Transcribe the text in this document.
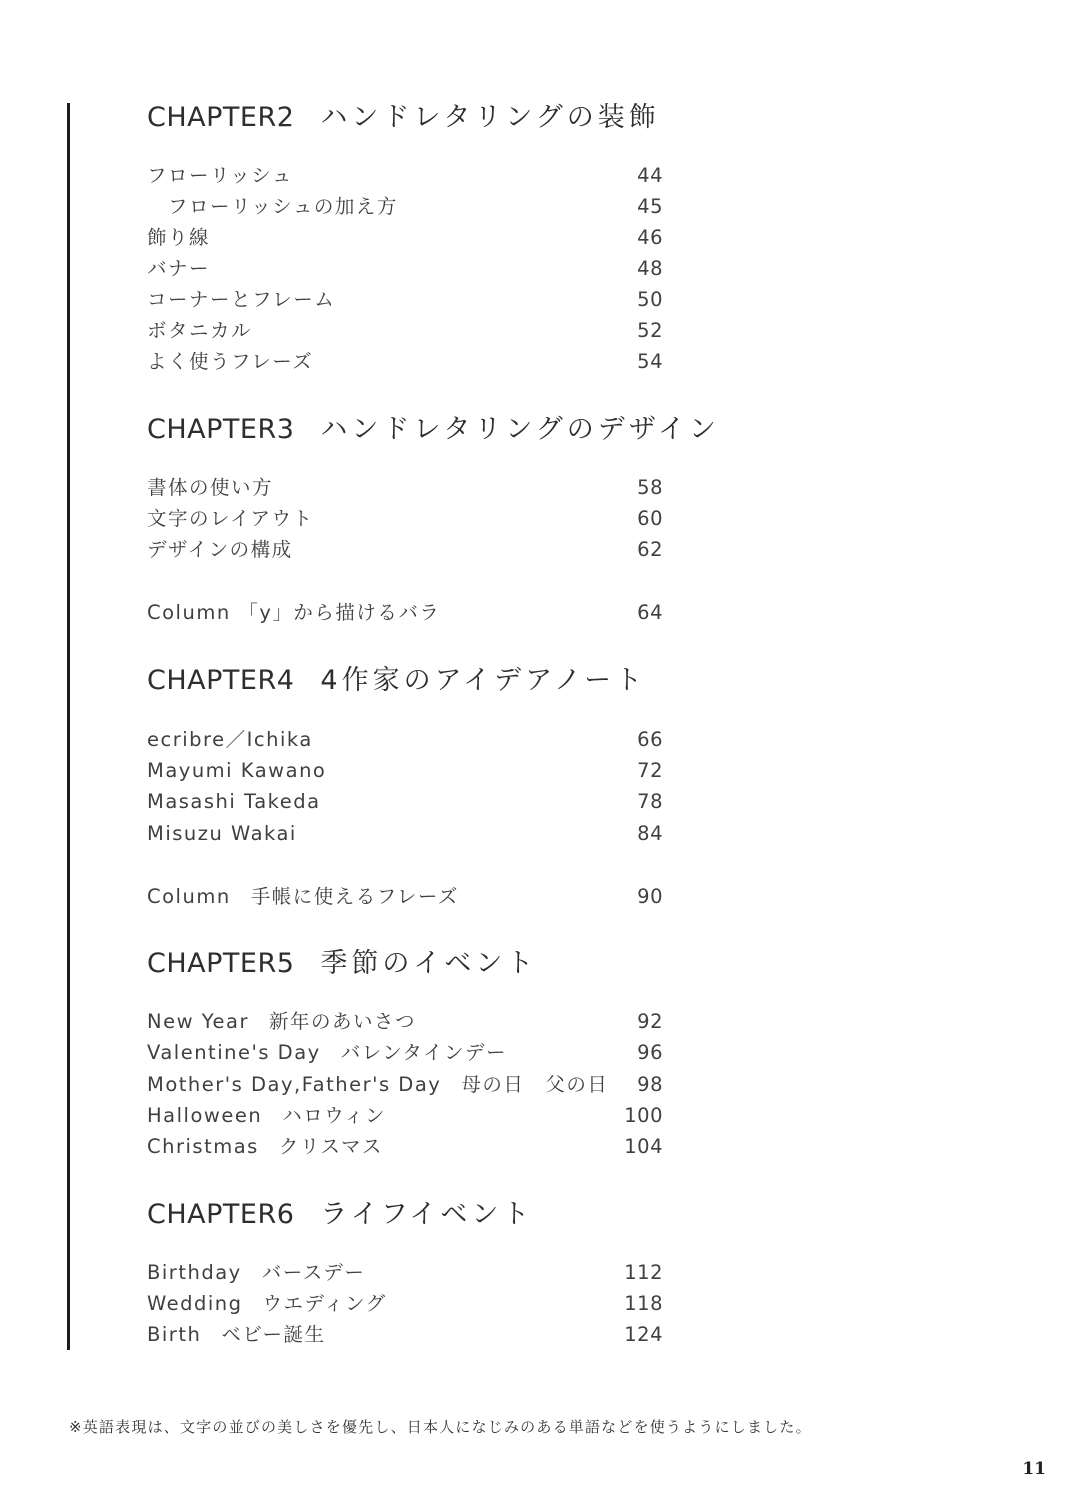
CHAPTER2 ハンドレタリングの装飾
フローリッシュ	44
フローリッシュの加え方	45
飾り線	46
バナー	48
コーナーとフレーム	50
ボタニカル	52
よく使うフレーズ	54
CHAPTER3 ハンドレタリングのデザイン
書体の使い方	58
文字のレイアウト	60
デザインの構成	62
Column 「y」から描けるバラ	64
CHAPTER4 4作家のアイデアノート
ecribre／Ichika	66
Mayumi Kawano	72
Masashi Takeda	78
Misuzu Wakai	84
Column 手帳に使えるフレーズ	90
CHAPTER5 季節のイベント
New Year 新年のあいさつ	92
Valentine's Day バレンタインデー	96
Mother's Day,Father's Day 母の日　父の日 98
Halloween ハロウィン	100
Christmas クリスマス	104
CHAPTER6 ライフイベント
Birthday バースデー	112
Wedding ウエディング	118
Birth ベビー誕生	124
※英語表現は、文字の並びの美しさを優先し、日本人になじみのある単語などを使うようにしました。
11
